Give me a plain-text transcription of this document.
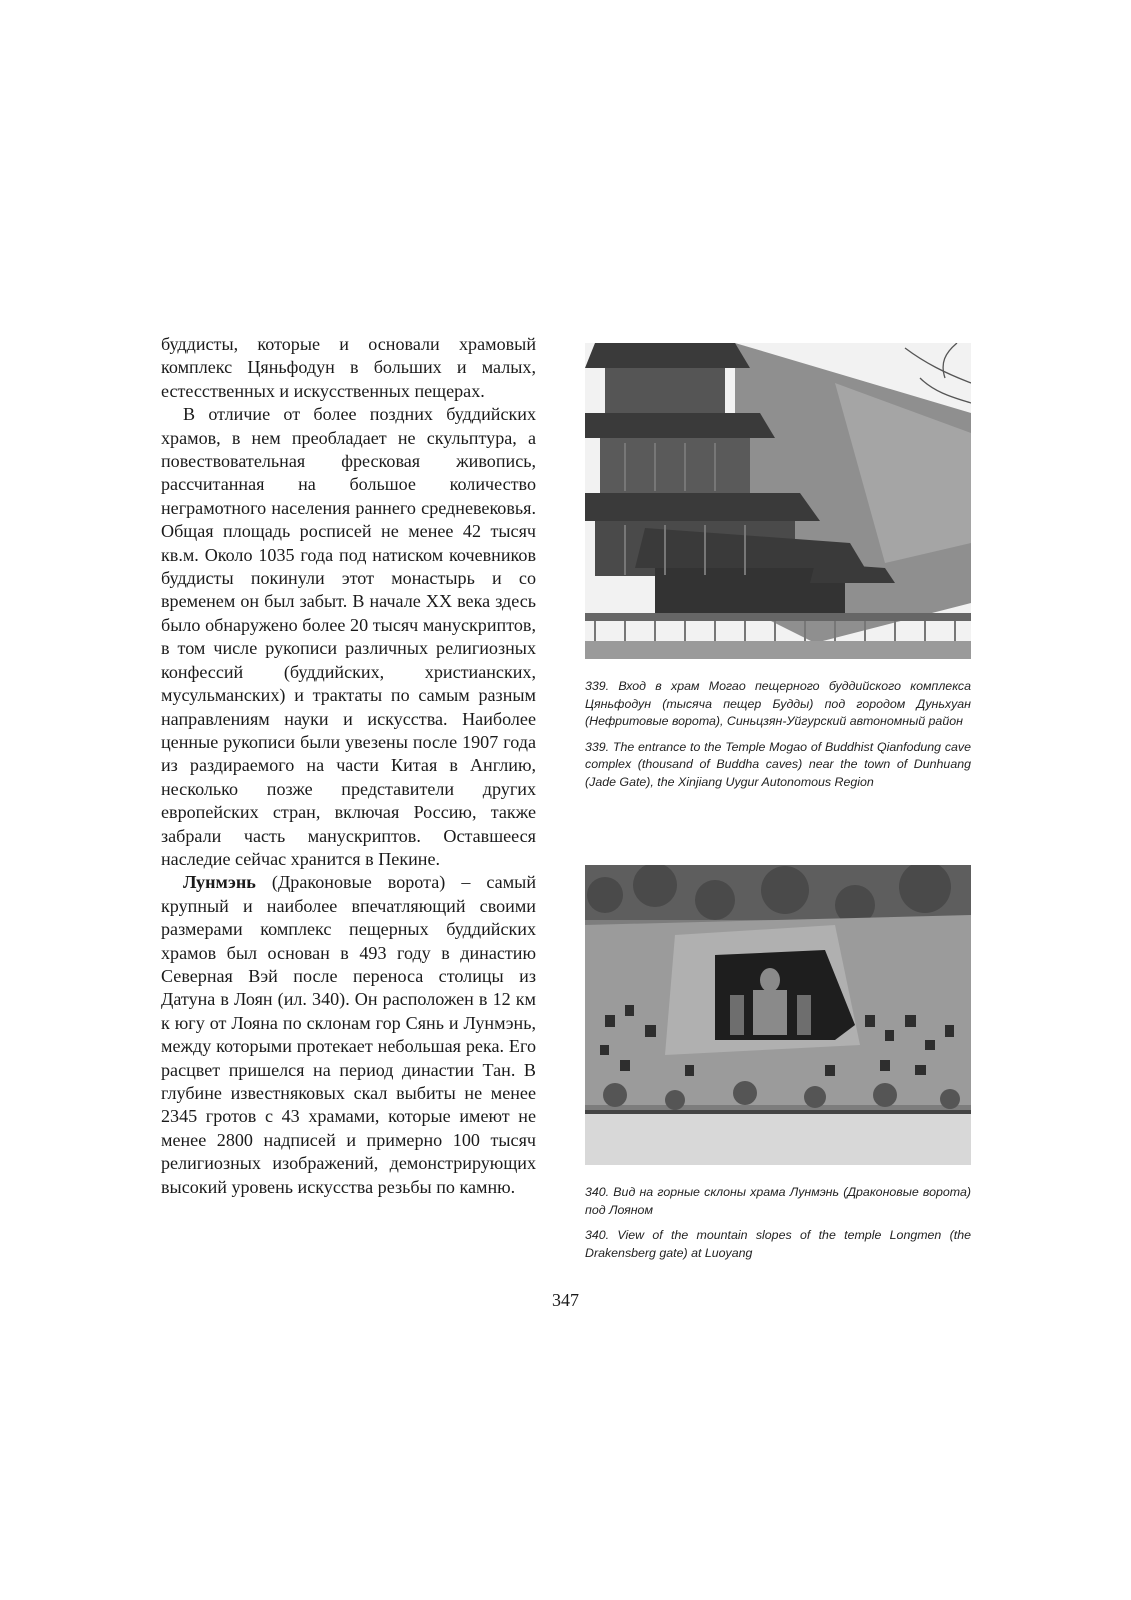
буддисты, которые и основали храмовый комплекс Цяньфодун в больших и малых, естесственных и искусственных пещерах.

В отличие от более поздних буддийских храмов, в нем преобладает не скульптура, а повествовательная фресковая живопись, рассчитанная на большое количество неграмотного населения раннего средневековья. Общая площадь росписей не менее 42 тысяч кв.м. Около 1035 года под натиском кочевников буддисты покинули этот монастырь и со временем он был забыт. В начале ХХ века здесь было обнаружено более 20 тысяч манускриптов, в том числе рукописи различных религиозных конфессий (буддийских, христианских, мусульманских) и трактаты по самым разным направлениям науки и искусства. Наиболее ценные рукописи были увезены после 1907 года из раздираемого на части Китая в Англию, несколько позже представители других европейских стран, включая Россию, также забрали часть манускриптов. Оставшееся наследие сейчас хранится в Пекине.

Лунмэнь (Драконовые ворота) – самый крупный и наиболее впечатляющий своими размерами комплекс пещерных буддийских храмов был основан в 493 году в династию Северная Вэй после переноса столицы из Датуна в Лоян (ил. 340). Он расположен в 12 км к югу от Лояна по склонам гор Сянь и Лунмэнь, между которыми протекает небольшая река. Его расцвет пришелся на период династии Тан. В глубине известняковых скал выбиты не менее 2345 гротов с 43 храмами, которые имеют не менее 2800 надписей и примерно 100 тысяч религиозных изображений, демонстрирующих высокий уровень искусства резьбы по камню.

339. Вход в храм Могао пещерного буддийского комплекса Цяньфодун (тысяча пещер Будды) под городом Дуньхуан (Нефритовые ворота), Синьцзян-Уйгурский автономный район

339. The entrance to the Temple Mogao of Buddhist Qianfodung cave complex (thousand of Buddha caves) near the town of Dunhuang (Jade Gate), the Xinjiang Uygur Autonomous Region

340. Вид на горные склоны храма Лунмэнь (Драконовые ворота) под Лояном

340. View of the mountain slopes of the temple Longmen (the Drakensberg gate) at Luoyang

347
